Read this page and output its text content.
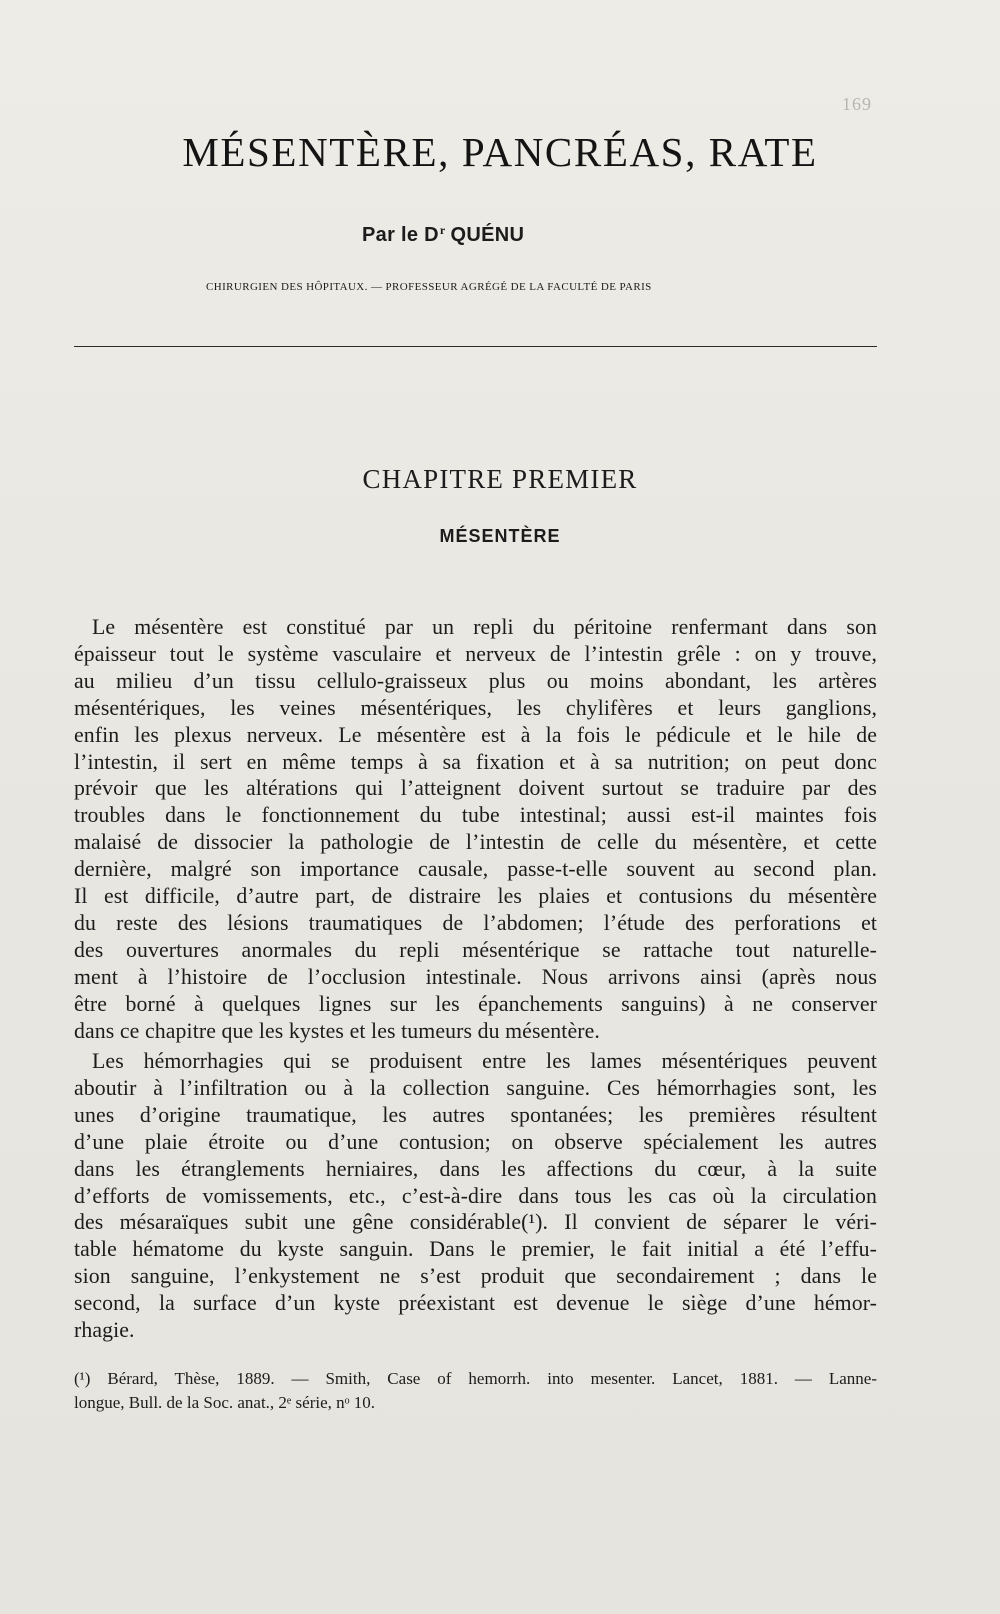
169
MÉSENTÈRE, PANCRÉAS, RATE
Par le $D^r$ QUÉNU
CHIRURGIEN DES HÔPITAUX. — PROFESSEUR AGRÉGÉ DE LA FACULTÉ DE PARIS
CHAPITRE PREMIER
MÉSENTÈRE
Le mésentère est constitué par un repli du péritoine renfermant dans son
épaisseur tout le système vasculaire et nerveux de l’intestin grêle : on y trouve,
au milieu d’un tissu cellulo-graisseux plus ou moins abondant, les artères
mésentériques, les veines mésentériques, les chylifères et leurs ganglions,
enfin les plexus nerveux. Le mésentère est à la fois le pédicule et le hile de
l’intestin, il sert en même temps à sa fixation et à sa nutrition; on peut donc
prévoir que les altérations qui l’atteignent doivent surtout se traduire par des
troubles dans le fonctionnement du tube intestinal; aussi est-il maintes fois
malaisé de dissocier la pathologie de l’intestin de celle du mésentère, et cette
dernière, malgré son importance causale, passe-t-elle souvent au second plan.
Il est difficile, d’autre part, de distraire les plaies et contusions du mésentère
du reste des lésions traumatiques de l’abdomen; l’étude des perforations et
des ouvertures anormales du repli mésentérique se rattache tout naturelle-
ment à l’histoire de l’occlusion intestinale. Nous arrivons ainsi (après nous
être borné à quelques lignes sur les épanchements sanguins) à ne conserver
dans ce chapitre que les kystes et les tumeurs du mésentère.
Les hémorrhagies qui se produisent entre les lames mésentériques peuvent
aboutir à l’infiltration ou à la collection sanguine. Ces hémorrhagies sont, les
unes d’origine traumatique, les autres spontanées; les premières résultent
d’une plaie étroite ou d’une contusion; on observe spécialement les autres
dans les étranglements herniaires, dans les affections du cœur, à la suite
d’efforts de vomissements, etc., c’est-à-dire dans tous les cas où la circulation
des mésaraïques subit une gêne considérable(¹). Il convient de séparer le véri-
table hématome du kyste sanguin. Dans le premier, le fait initial a été l’effu-
sion sanguine, l’enkystement ne s’est produit que secondairement ; dans le
second, la surface d’un kyste préexistant est devenue le siège d’une hémor-
rhagie.
(¹) Bérard, Thèse, 1889. — Smith, Case of hemorrh. into mesenter. Lancet, 1881. — Lanne-
longue, Bull. de la Soc. anat., 2ᵉ série, nᵒ 10.
